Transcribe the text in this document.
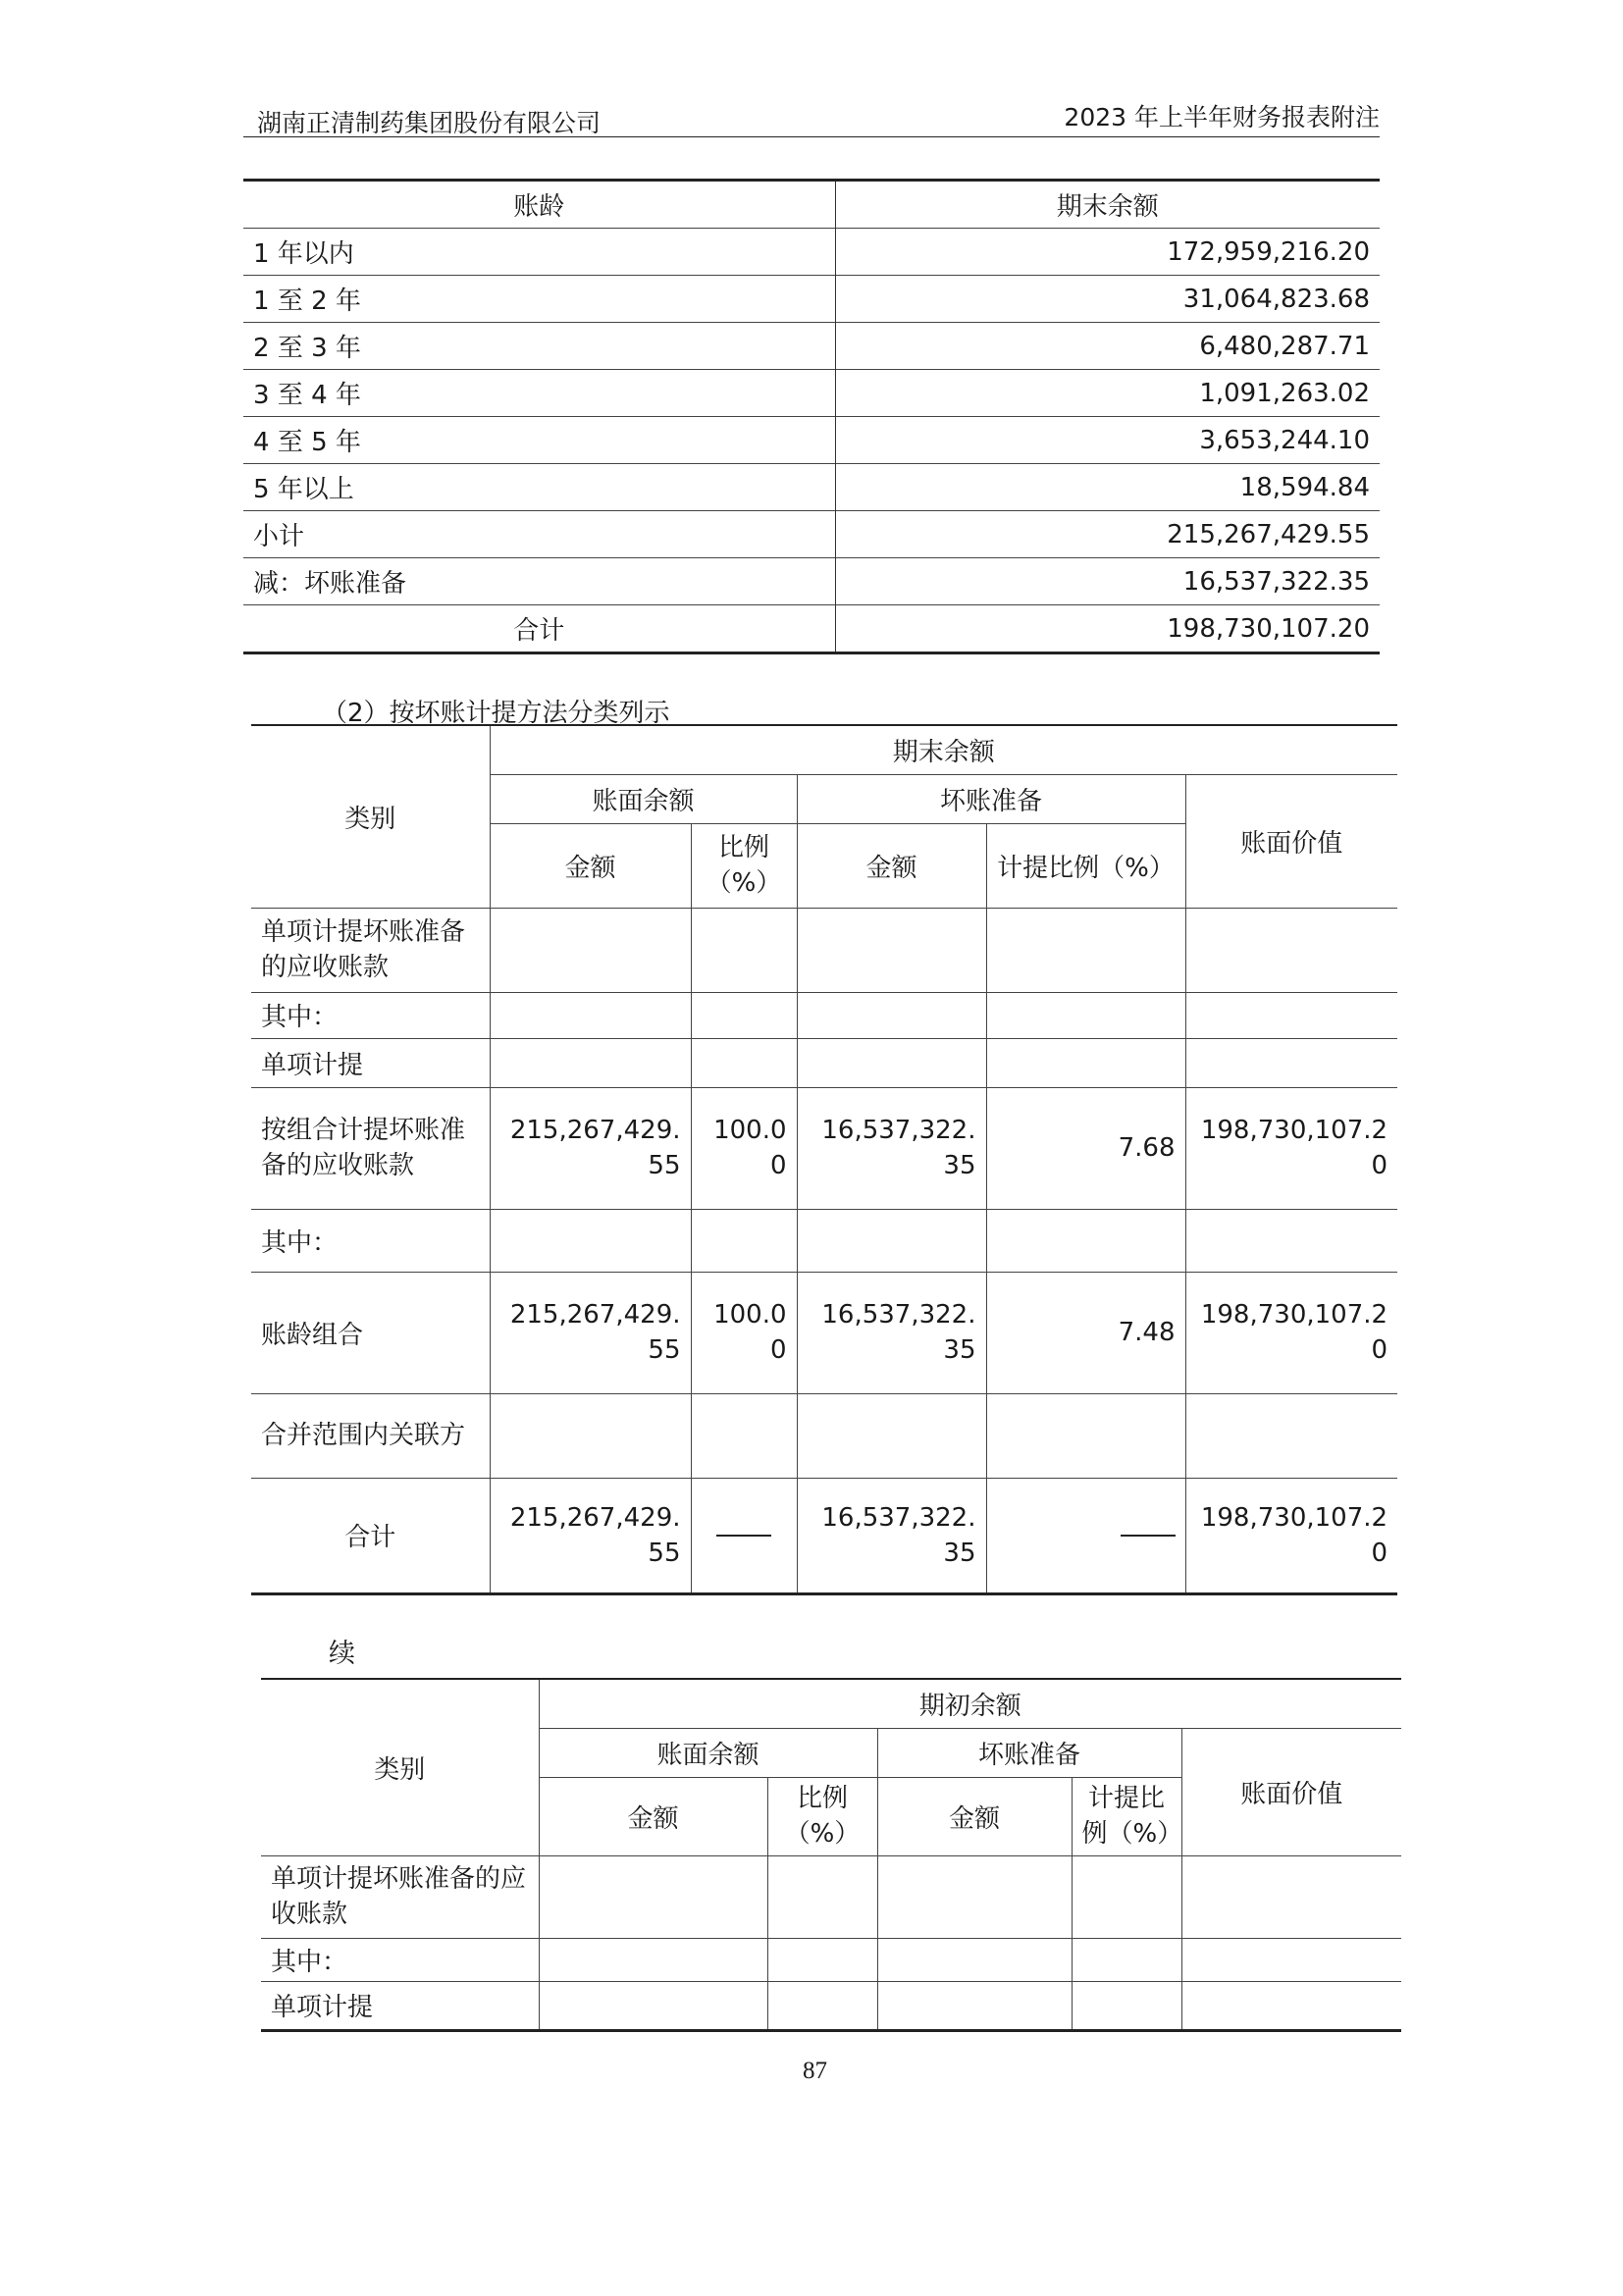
湖南正清制药集团股份有限公司	2023 年上半年财务报表附注
账龄	期末余额
1 年以内	172,959,216.20
1 至 2 年	31,064,823.68
2 至 3 年	6,480,287.71
3 至 4 年	1,091,263.02
4 至 5 年	3,653,244.10
5 年以上	18,594.84
小计	215,267,429.55
减：坏账准备	16,537,322.35
合计	198,730,107.20
（2）按坏账计提方法分类列示
类别	期末余额				
	账面余额		坏账准备		账面价值
	金额	比例（%）	金额	计提比例（%）	
单项计提坏账准备的应收账款					
其中：					
单项计提					
按组合计提坏账准备的应收账款	215,267,429.55	100.00	16,537,322.35	7.68	198,730,107.20
其中：					
账龄组合	215,267,429.55	100.00	16,537,322.35	7.48	198,730,107.20
合并范围内关联方					
合计	215,267,429.55		16,537,322.35		198,730,107.20
续
类别	期初余额				
	账面余额		坏账准备		账面价值
	金额	比例（%）	金额	计提比例（%）	
单项计提坏账准备的应收账款					
其中：					
单项计提					
87
